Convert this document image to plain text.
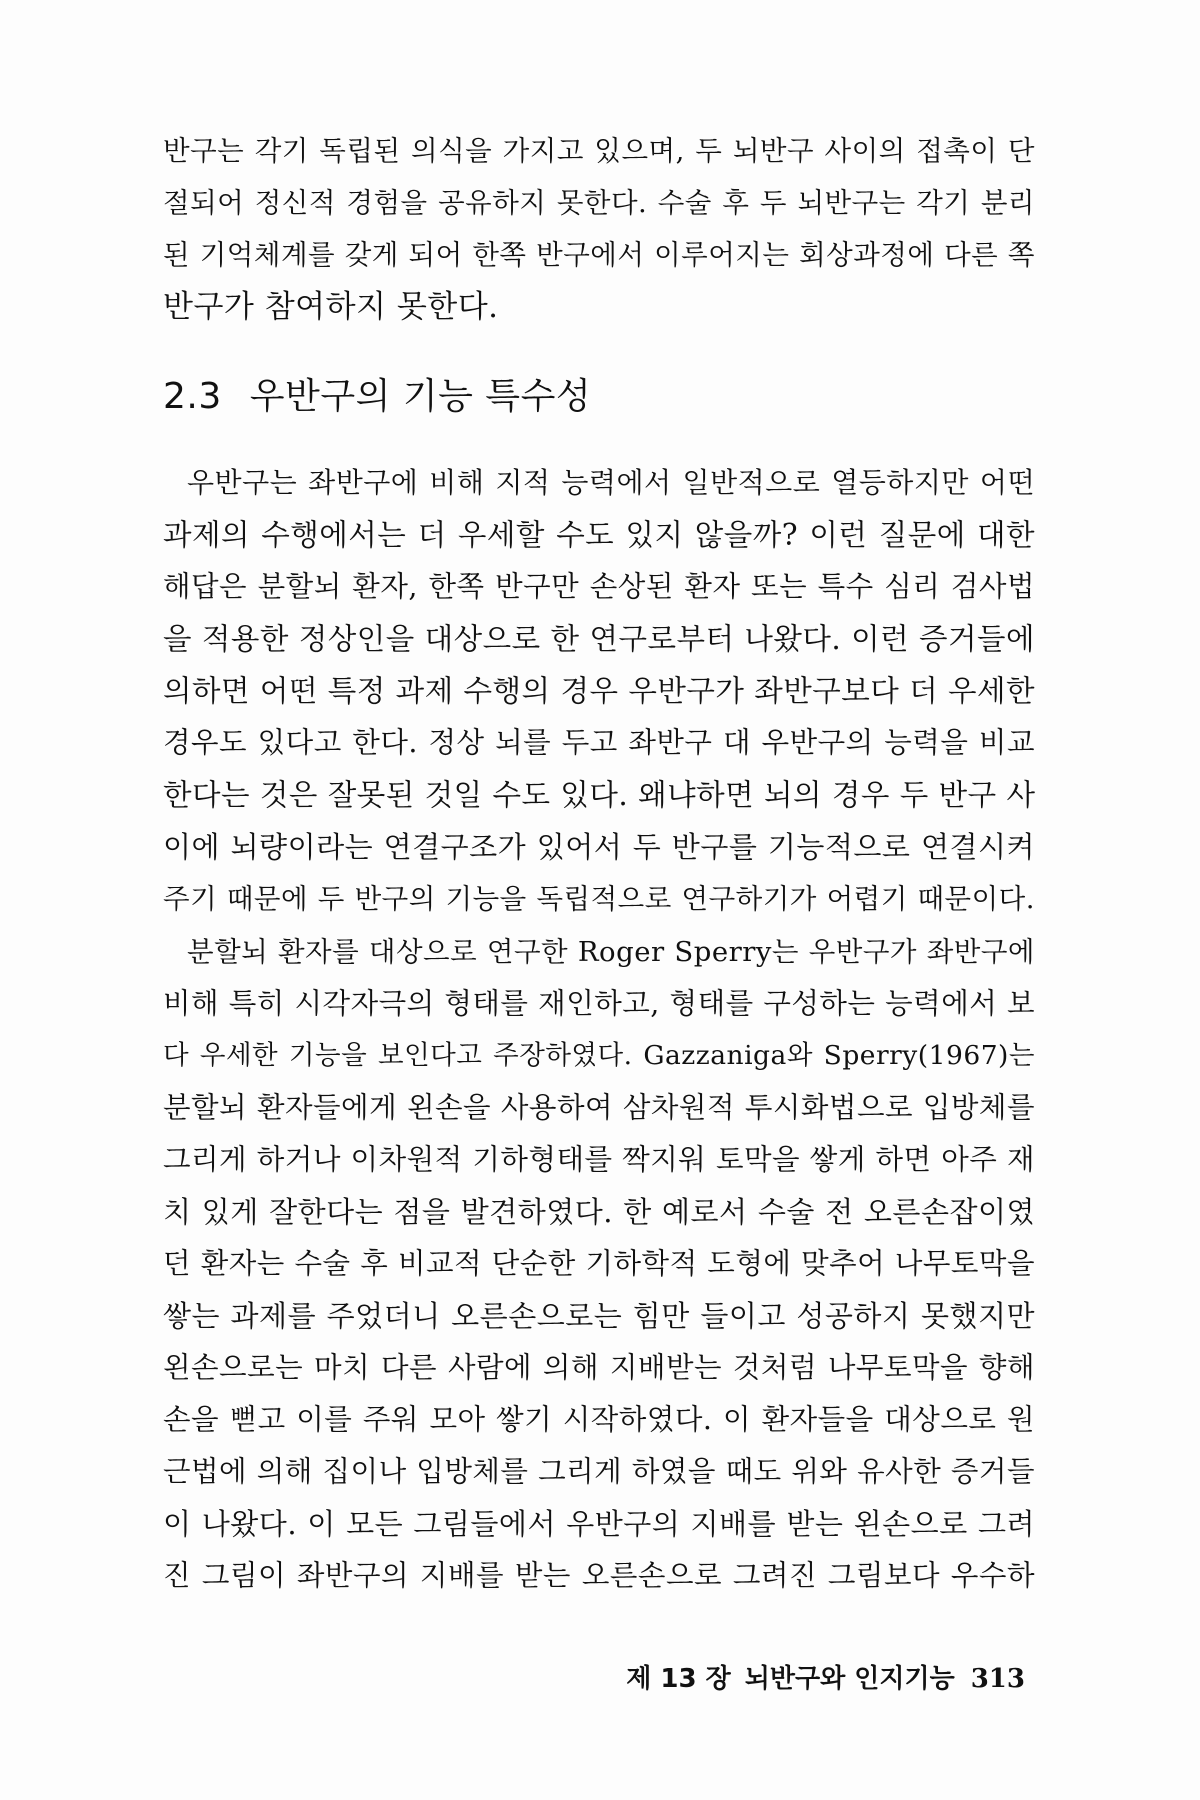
반구는 각기 독립된 의식을 가지고 있으며, 두 뇌반구 사이의 접촉이 단
절되어 정신적 경험을 공유하지 못한다. 수술 후 두 뇌반구는 각기 분리
된 기억체계를 갖게 되어 한쪽 반구에서 이루어지는 회상과정에 다른 쪽
반구가 참여하지 못한다.
2.3 우반구의 기능 특수성
우반구는 좌반구에 비해 지적 능력에서 일반적으로 열등하지만 어떤
과제의 수행에서는 더 우세할 수도 있지 않을까? 이런 질문에 대한
해답은 분할뇌 환자, 한쪽 반구만 손상된 환자 또는 특수 심리 검사법
을 적용한 정상인을 대상으로 한 연구로부터 나왔다. 이런 증거들에
의하면 어떤 특정 과제 수행의 경우 우반구가 좌반구보다 더 우세한
경우도 있다고 한다. 정상 뇌를 두고 좌반구 대 우반구의 능력을 비교
한다는 것은 잘못된 것일 수도 있다. 왜냐하면 뇌의 경우 두 반구 사
이에 뇌량이라는 연결구조가 있어서 두 반구를 기능적으로 연결시켜
주기 때문에 두 반구의 기능을 독립적으로 연구하기가 어렵기 때문이다.
분할뇌 환자를 대상으로 연구한 Roger Sperry는 우반구가 좌반구에
비해 특히 시각자극의 형태를 재인하고, 형태를 구성하는 능력에서 보
다 우세한 기능을 보인다고 주장하였다. Gazzaniga와 Sperry(1967)는
분할뇌 환자들에게 왼손을 사용하여 삼차원적 투시화법으로 입방체를
그리게 하거나 이차원적 기하형태를 짝지워 토막을 쌓게 하면 아주 재
치 있게 잘한다는 점을 발견하였다. 한 예로서 수술 전 오른손잡이였
던 환자는 수술 후 비교적 단순한 기하학적 도형에 맞추어 나무토막을
쌓는 과제를 주었더니 오른손으로는 힘만 들이고 성공하지 못했지만
왼손으로는 마치 다른 사람에 의해 지배받는 것처럼 나무토막을 향해
손을 뻗고 이를 주워 모아 쌓기 시작하였다. 이 환자들을 대상으로 원
근법에 의해 집이나 입방체를 그리게 하였을 때도 위와 유사한 증거들
이 나왔다. 이 모든 그림들에서 우반구의 지배를 받는 왼손으로 그려
진 그림이 좌반구의 지배를 받는 오른손으로 그려진 그림보다 우수하
제 13 장 뇌반구와 인지기능 313
